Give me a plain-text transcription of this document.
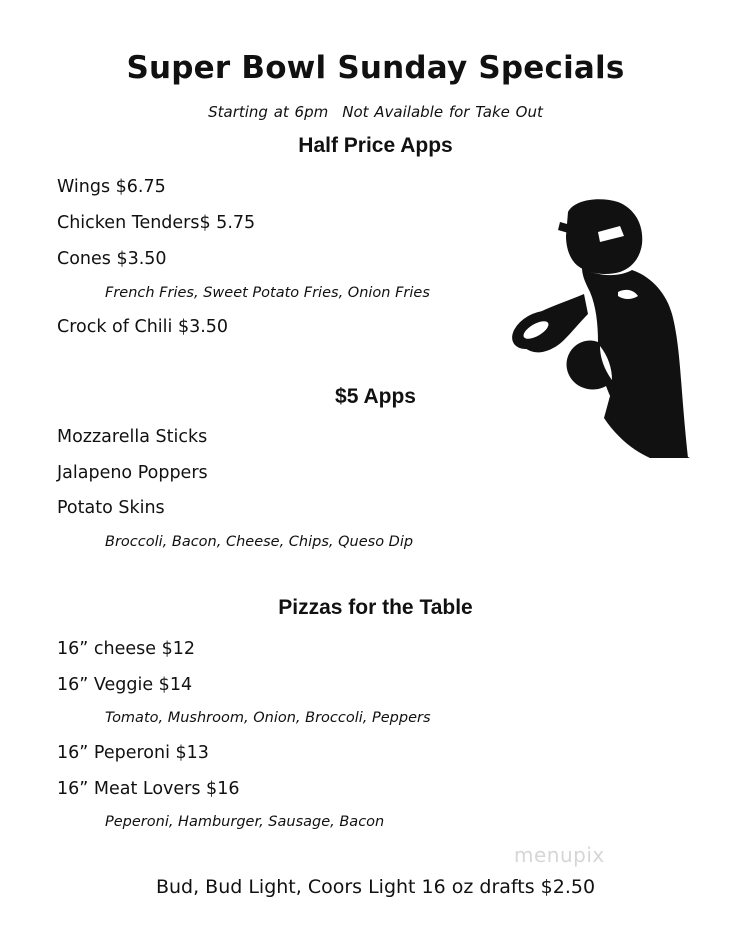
Super Bowl Sunday Specials
Starting at 6pm Not Available for Take Out
Half Price Apps
Wings $6.75
Chicken Tenders$ 5.75
Cones $3.50
French Fries, Sweet Potato Fries, Onion Fries
Crock of Chili $3.50
$5 Apps
Mozzarella Sticks
Jalapeno Poppers
Potato Skins
Broccoli, Bacon, Cheese, Chips, Queso Dip
Pizzas for the Table
16” cheese $12
16” Veggie $14
Tomato, Mushroom, Onion, Broccoli, Peppers
16” Peperoni $13
16” Meat Lovers $16
Peperoni, Hamburger, Sausage, Bacon
menupix
Bud, Bud Light, Coors Light 16 oz drafts $2.50
